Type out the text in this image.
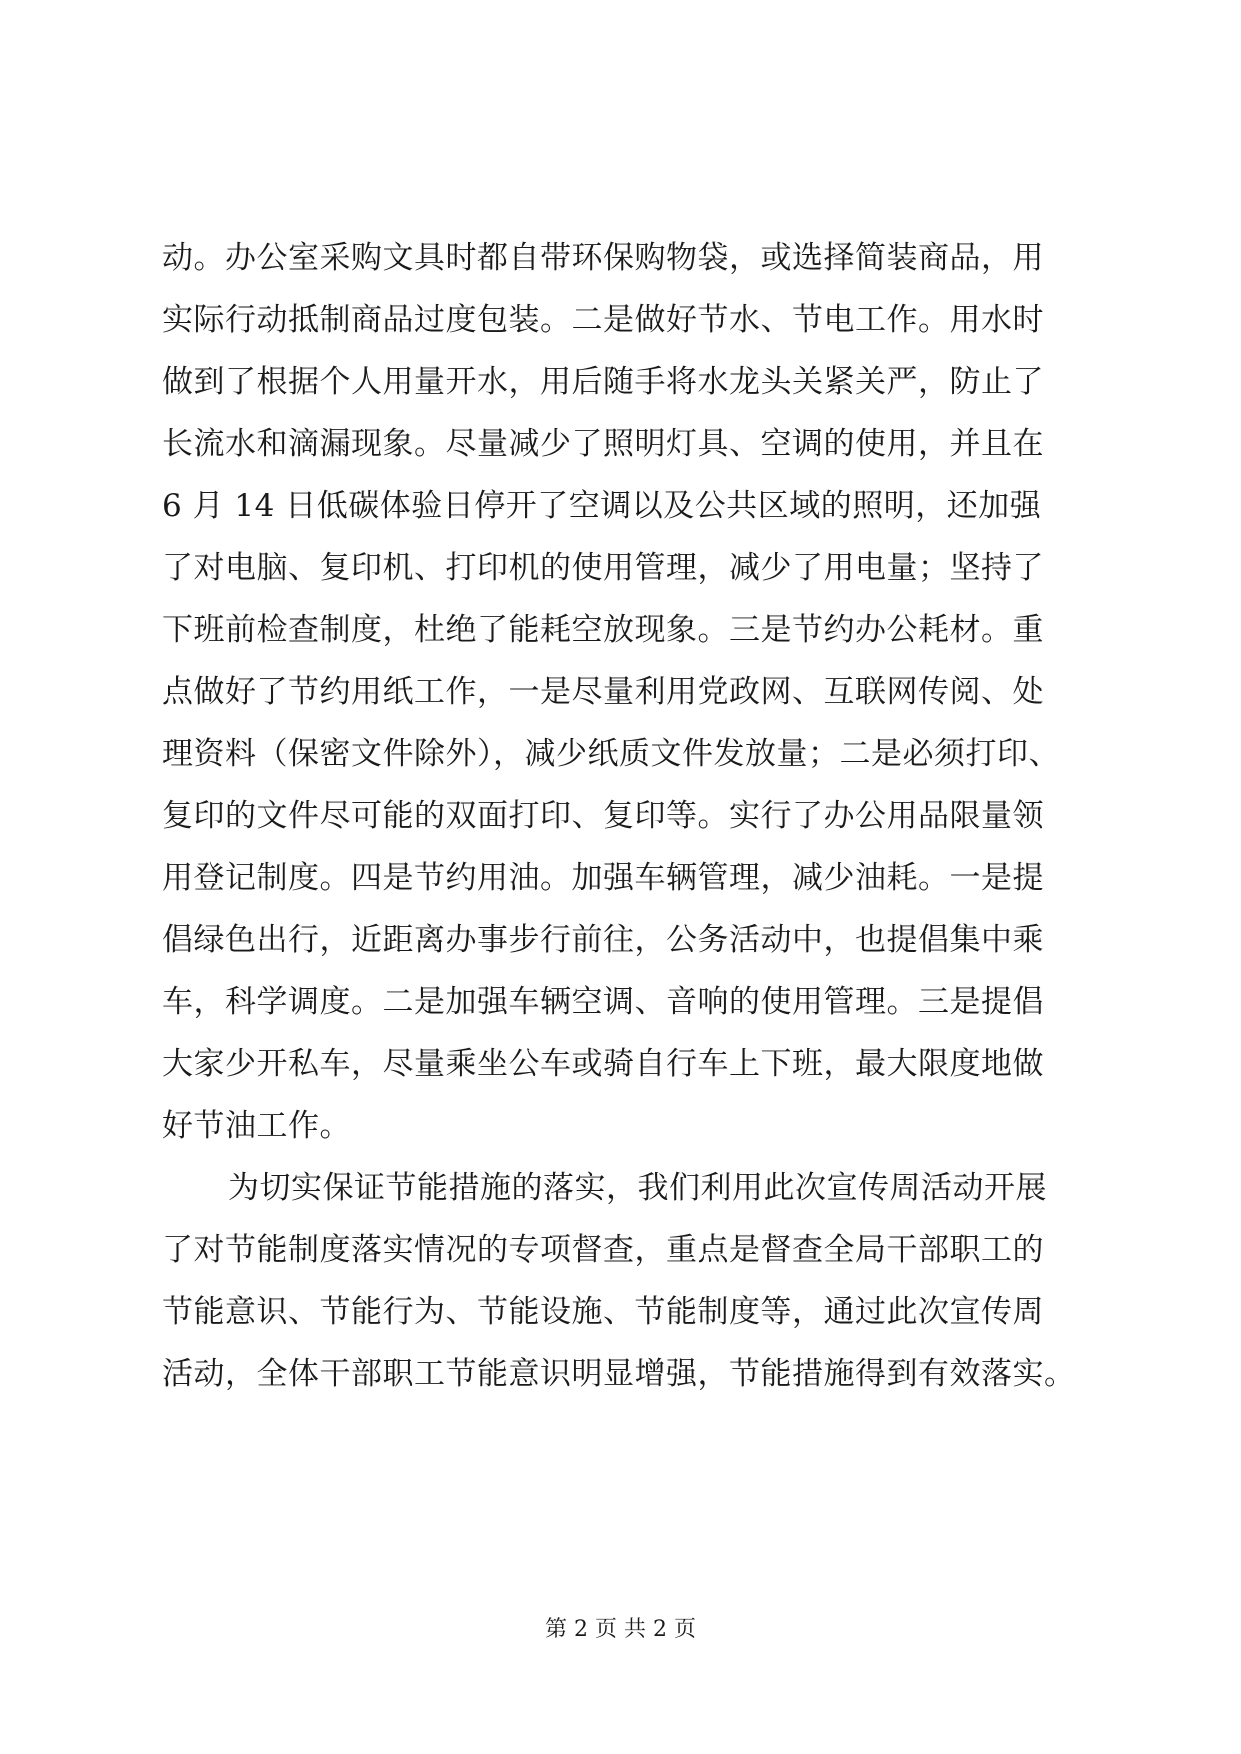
动。办公室采购文具时都自带环保购物袋，或选择简装商品，用
实际行动抵制商品过度包装。二是做好节水、节电工作。用水时
做到了根据个人用量开水，用后随手将水龙头关紧关严，防止了
长流水和滴漏现象。尽量减少了照明灯具、空调的使用，并且在
6 月 14 日低碳体验日停开了空调以及公共区域的照明，还加强
了对电脑、复印机、打印机的使用管理，减少了用电量；坚持了
下班前检查制度，杜绝了能耗空放现象。三是节约办公耗材。重
点做好了节约用纸工作，一是尽量利用党政网、互联网传阅、处
理资料（保密文件除外），减少纸质文件发放量；二是必须打印、
复印的文件尽可能的双面打印、复印等。实行了办公用品限量领
用登记制度。四是节约用油。加强车辆管理，减少油耗。一是提
倡绿色出行，近距离办事步行前往，公务活动中，也提倡集中乘
车，科学调度。二是加强车辆空调、音响的使用管理。三是提倡
大家少开私车，尽量乘坐公车或骑自行车上下班，最大限度地做
好节油工作。
为切实保证节能措施的落实，我们利用此次宣传周活动开展
了对节能制度落实情况的专项督查，重点是督查全局干部职工的
节能意识、节能行为、节能设施、节能制度等，通过此次宣传周
活动，全体干部职工节能意识明显增强，节能措施得到有效落实。
第 2 页 共 2 页
